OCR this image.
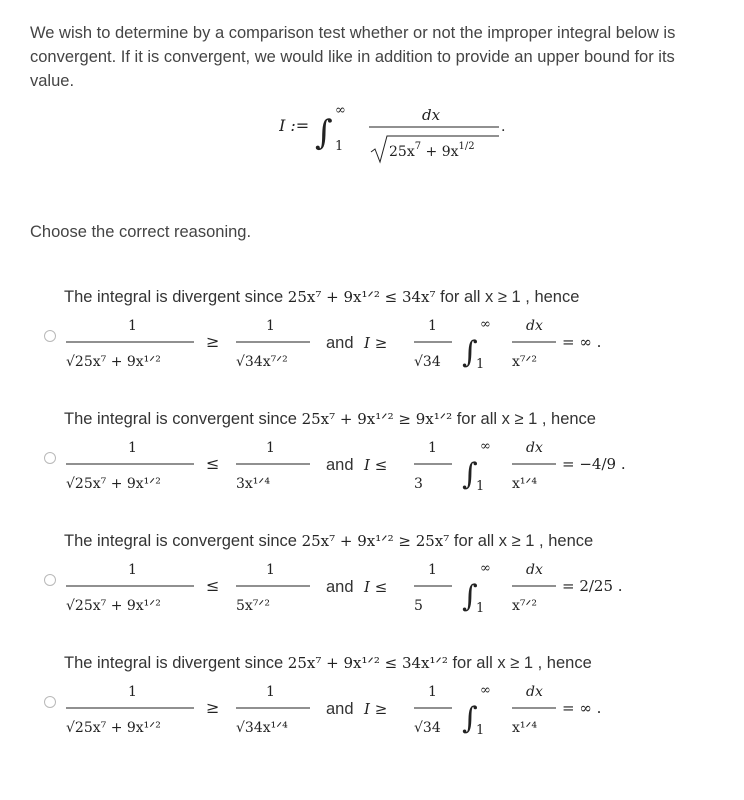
We wish to determine by a comparison test whether or not the improper integral below is convergent. If it is convergent, we would like in addition to provide an upper bound for its value.
I := ∫
∞
1
dx
$25x^7 + 9x^{1/2}$
.
Choose the correct reasoning.
The integral is divergent since 25x⁷ + 9x¹ᐟ² ≤ 34x⁷ for all x ≥ 1 , hence
1
√25x⁷ + 9x¹ᐟ²
≥
1
√34x⁷ᐟ²
and I ≥
1
√34 ∫
∞
1
dx
x⁷ᐟ²
= ∞ .
The integral is convergent since 25x⁷ + 9x¹ᐟ² ≥ 9x¹ᐟ² for all x ≥ 1 , hence
1
√25x⁷ + 9x¹ᐟ²
≤
1
3x¹ᐟ⁴
and I ≤
1
3 ∫
∞
1
dx
x¹ᐟ⁴
= −4/9 .
The integral is convergent since 25x⁷ + 9x¹ᐟ² ≥ 25x⁷ for all x ≥ 1 , hence
1
√25x⁷ + 9x¹ᐟ²
≤
1
5x⁷ᐟ²
and I ≤
1
5 ∫
∞
1
dx
x⁷ᐟ²
= 2/25 .
The integral is divergent since 25x⁷ + 9x¹ᐟ² ≤ 34x¹ᐟ² for all x ≥ 1 , hence
1
√25x⁷ + 9x¹ᐟ²
≥
1
√34x¹ᐟ⁴
and I ≥
1
√34 ∫
∞
1
dx
x¹ᐟ⁴
= ∞ .
